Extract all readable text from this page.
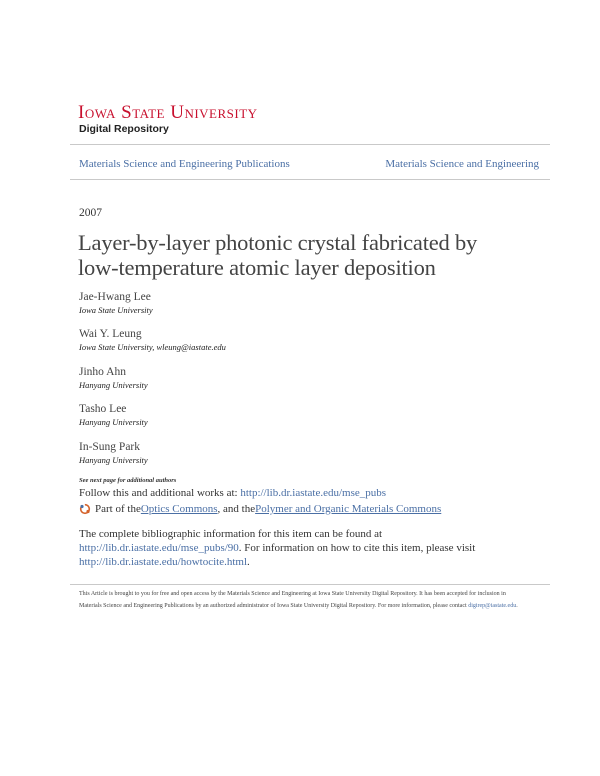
Iowa State University
Digital Repository
Materials Science and Engineering Publications	Materials Science and Engineering
2007
Layer-by-layer photonic crystal fabricated by low-temperature atomic layer deposition
Jae-Hwang Lee
Iowa State University
Wai Y. Leung
Iowa State University, wleung@iastate.edu
Jinho Ahn
Hanyang University
Tasho Lee
Hanyang University
In-Sung Park
Hanyang University
See next page for additional authors
Follow this and additional works at: http://lib.dr.iastate.edu/mse_pubs
Part of the Optics Commons , and the Polymer and Organic Materials Commons
The complete bibliographic information for this item can be found at http://lib.dr.iastate.edu/mse_pubs/90. For information on how to cite this item, please visit http://lib.dr.iastate.edu/howtocite.html.
This Article is brought to you for free and open access by the Materials Science and Engineering at Iowa State University Digital Repository. It has been accepted for inclusion in Materials Science and Engineering Publications by an authorized administrator of Iowa State University Digital Repository. For more information, please contact digirep@iastate.edu.
